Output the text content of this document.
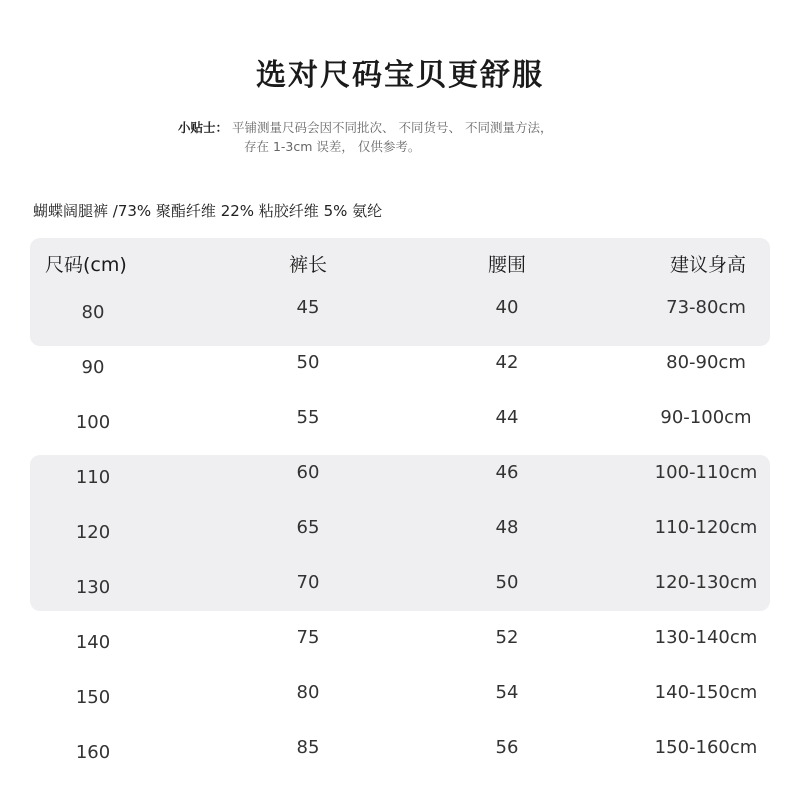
选对尺码宝贝更舒服
小贴士： 平铺测量尺码会因不同批次、 不同货号、 不同测量方法，
存在 1-3cm 误差， 仅供参考。
蝴蝶阔腿裤 /73% 聚酯纤维 22% 粘胶纤维 5% 氨纶
尺码(cm)	裤长	腰围	建议身高
80	45	40	73-80cm
90	50	42	80-90cm
100	55	44	90-100cm
110	60	46	100-110cm
120	65	48	110-120cm
130	70	50	120-130cm
140	75	52	130-140cm
150	80	54	140-150cm
160	85	56	150-160cm
